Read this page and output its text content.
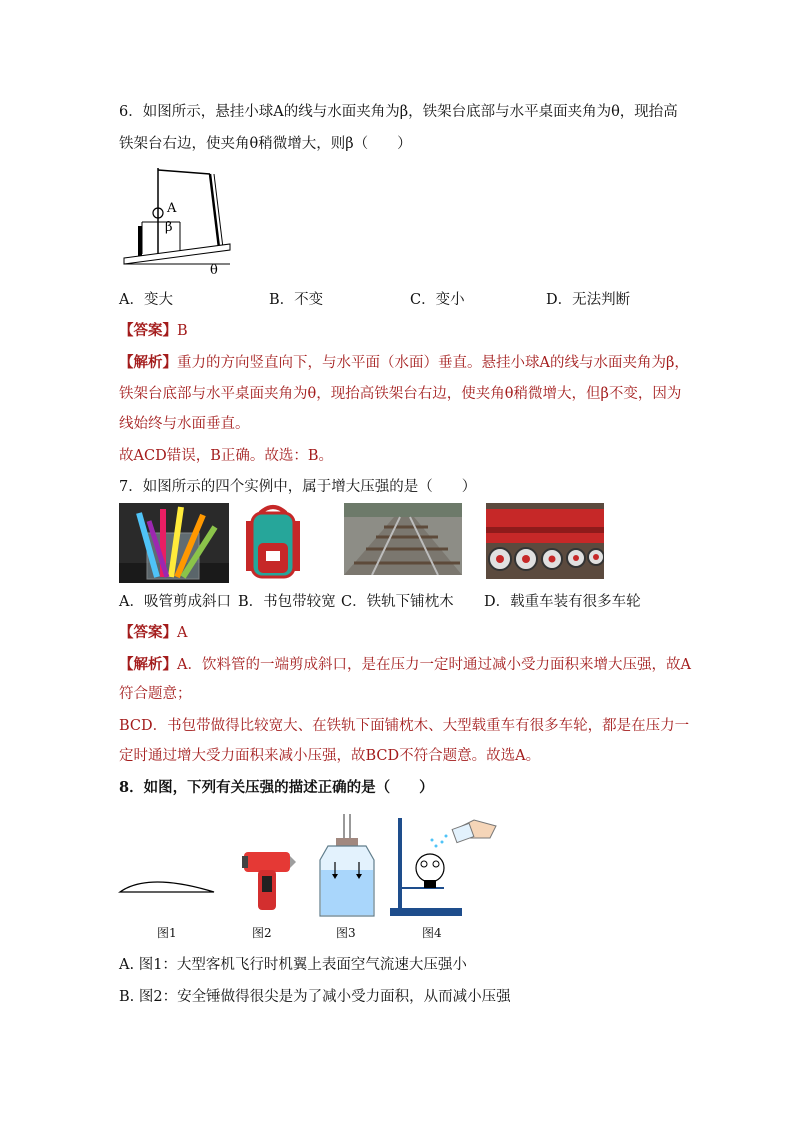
6．如图所示，悬挂小球A的线与水面夹角为β，铁架台底部与水平桌面夹角为θ，现抬高
铁架台右边，使夹角θ稍微增大，则β（　　）
A
β
θ
A．变大	B．不变	C．变小	D．无法判断
【答案】B
【解析】重力的方向竖直向下，与水平面（水面）垂直。悬挂小球A的线与水面夹角为β，
铁架台底部与水平桌面夹角为θ，现抬高铁架台右边，使夹角θ稍微增大，但β不变，因为
线始终与水面垂直。
故ACD错误，B正确。故选：B。
7．如图所示的四个实例中，属于增大压强的是（　　）
A．吸管剪成斜口 B．书包带较宽 C．铁轨下铺枕木 D．载重车装有很多车轮
【答案】A
【解析】A．饮料管的一端剪成斜口，是在压力一定时通过减小受力面积来增大压强，故A
符合题意；
BCD．书包带做得比较宽大、在铁轨下面铺枕木、大型载重车有很多车轮，都是在压力一
定时通过增大受力面积来减小压强，故BCD不符合题意。故选A。
8．如图，下列有关压强的描述正确的是（　　）
图1	图2	图3	图4
A. 图1：大型客机飞行时机翼上表面空气流速大压强小
B. 图2：安全锤做得很尖是为了减小受力面积，从而减小压强
